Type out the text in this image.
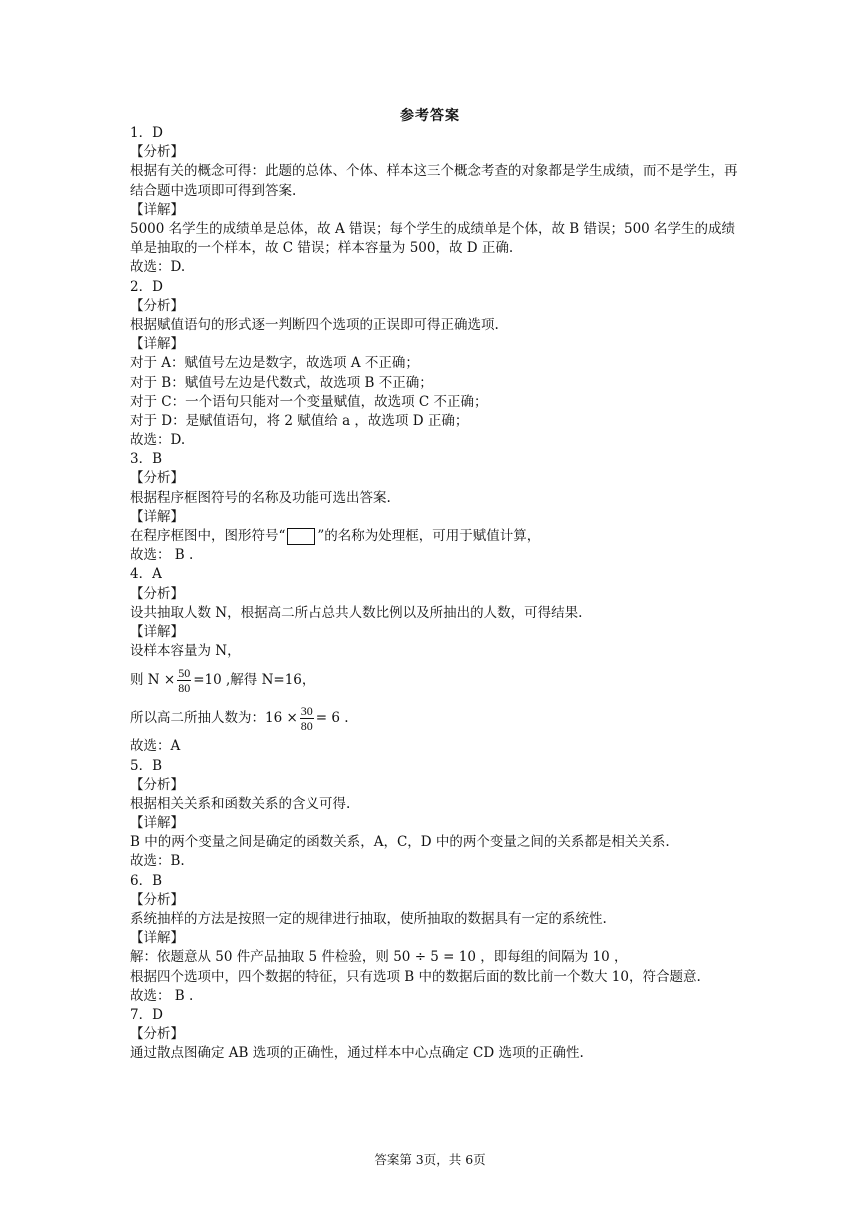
参考答案
1．D
【分析】
根据有关的概念可得：此题的总体、个体、样本这三个概念考查的对象都是学生成绩，而不是学生，再结合题中选项即可得到答案.
【详解】
5000 名学生的成绩单是总体，故 A 错误；每个学生的成绩单是个体，故 B 错误；500 名学生的成绩单是抽取的一个样本，故 C 错误；样本容量为 500，故 D 正确.
故选：D.
2．D
【分析】
根据赋值语句的形式逐一判断四个选项的正误即可得正确选项.
【详解】
对于 A：赋值号左边是数字，故选项 A 不正确；
对于 B：赋值号左边是代数式，故选项 B 不正确；
对于 C：一个语句只能对一个变量赋值，故选项 C 不正确；
对于 D：是赋值语句，将 2 赋值给 a ，故选项 D 正确；
故选：D.
3．B
【分析】
根据程序框图符号的名称及功能可选出答案.
【详解】
在程序框图中，图形符号“ ”的名称为处理框，可用于赋值计算，
故选： B .
4．A
【分析】
设共抽取人数 N，根据高二所占总共人数比例以及所抽出的人数，可得结果.
【详解】
设样本容量为 N，
则 $N \times \frac{50}{80} =10$ ,解得 N=16，
所以高二所抽人数为：$16 \times \frac{30}{80} = 6$ .
故选：A
5．B
【分析】
根据相关关系和函数关系的含义可得.
【详解】
B 中的两个变量之间是确定的函数关系，A，C，D 中的两个变量之间的关系都是相关关系.
故选：B.
6．B
【分析】
系统抽样的方法是按照一定的规律进行抽取，使所抽取的数据具有一定的系统性.
【详解】
解：依题意从 50 件产品抽取 5 件检验，则 50 ÷ 5 = 10 ，即每组的间隔为 10 ，
根据四个选项中，四个数据的特征，只有选项 B 中的数据后面的数比前一个数大 10，符合题意.
故选： B .
7．D
【分析】
通过散点图确定 AB 选项的正确性，通过样本中心点确定 CD 选项的正确性.
答案第 3页，共 6页
